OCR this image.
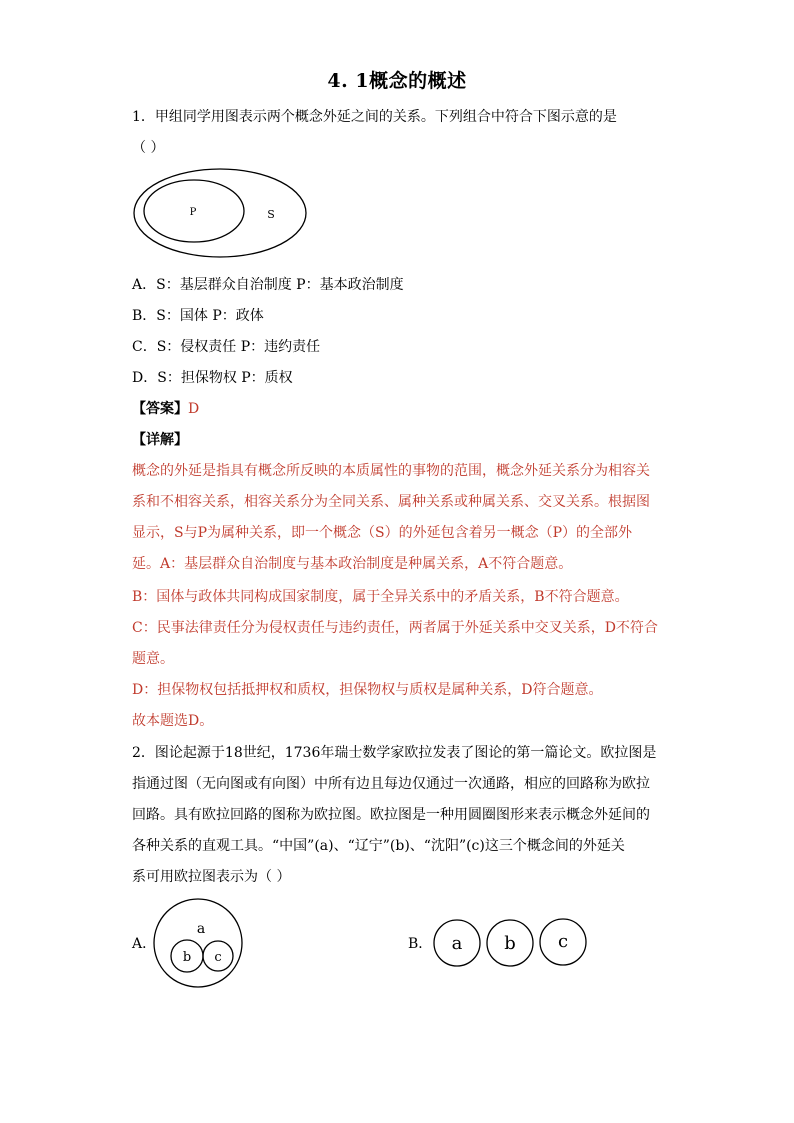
4. 1概念的概述
1．甲组同学用图表示两个概念外延之间的关系。下列组合中符合下图示意的是
（ ）
P	S
A．S：基层群众自治制度 P：基本政治制度
B．S：国体 P：政体
C．S：侵权责任 P：违约责任
D．S：担保物权 P：质权
【答案】D
【详解】
概念的外延是指具有概念所反映的本质属性的事物的范围，概念外延关系分为相容关
系和不相容关系，相容关系分为全同关系、属种关系或种属关系、交叉关系。根据图
显示，S与P为属种关系，即一个概念（S）的外延包含着另一概念（P）的全部外
延。A：基层群众自治制度与基本政治制度是种属关系，A不符合题意。
B：国体与政体共同构成国家制度，属于全异关系中的矛盾关系，B不符合题意。
C：民事法律责任分为侵权责任与违约责任，两者属于外延关系中交叉关系，D不符合
题意。
D：担保物权包括抵押权和质权，担保物权与质权是属种关系，D符合题意。
故本题选D。
2．图论起源于18世纪，1736年瑞士数学家欧拉发表了图论的第一篇论文。欧拉图是
指通过图（无向图或有向图）中所有边且每边仅通过一次通路，相应的回路称为欧拉
回路。具有欧拉回路的图称为欧拉图。欧拉图是一种用圆圈图形来表示概念外延间的
各种关系的直观工具。“中国”(a)、“辽宁”(b)、“沈阳”(c)这三个概念间的外延关
系可用欧拉图表示为（ ）
A．
a
b c
B．	a b c
